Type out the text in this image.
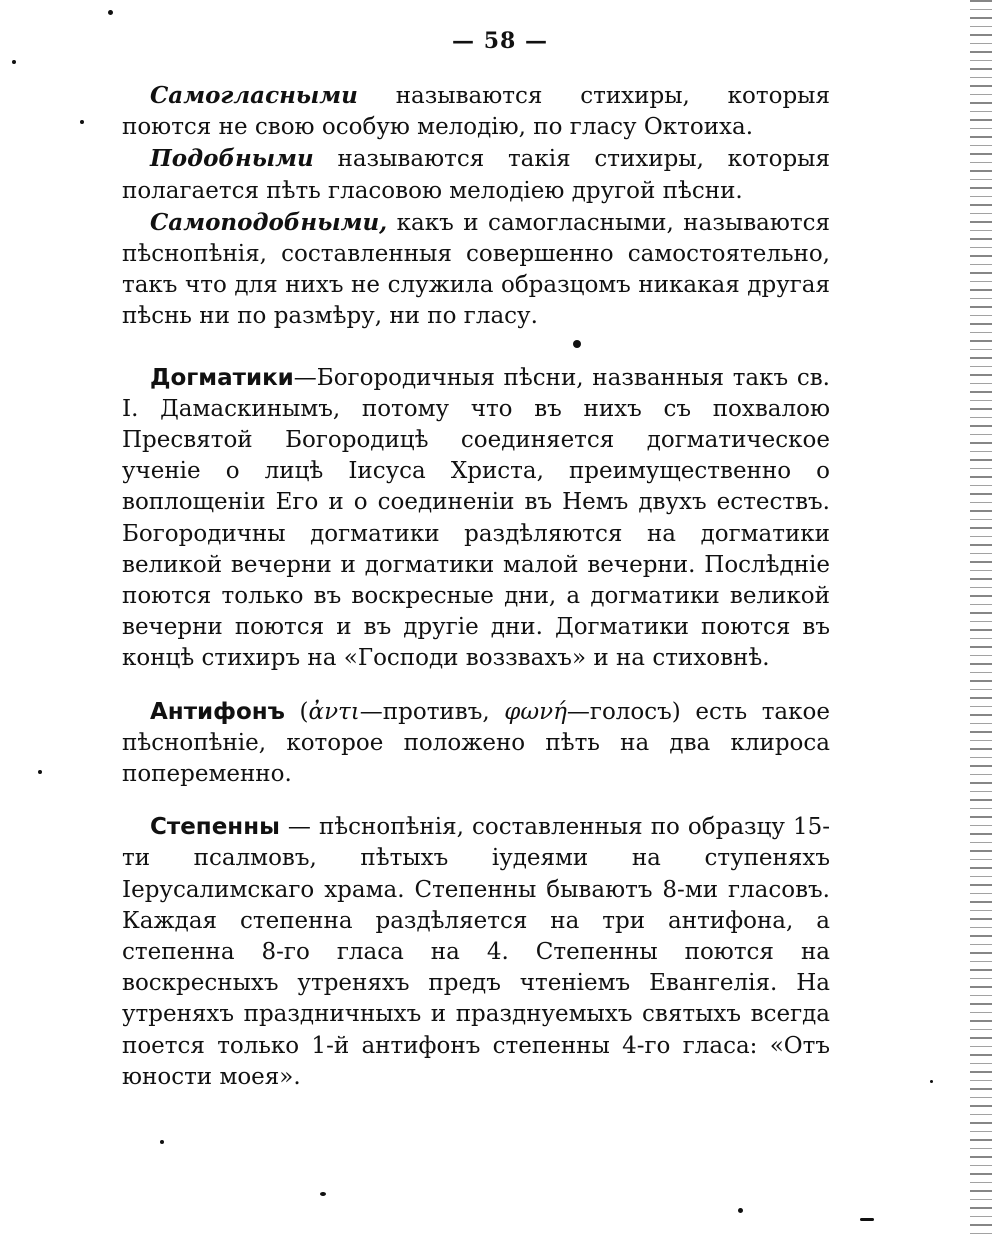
— 58 —

Самогласными называются стихиры, которыя поются не свою особую мелодію, по гласу Октоиха.

Подобными называются такія стихиры, которыя полагается пѣть гласовою мелодіею другой пѣсни.

Самоподобными, какъ и самогласными, называются пѣснопѣнія, составленныя совершенно самостоятельно, такъ что для нихъ не служила образцомъ никакая другая пѣснь ни по размѣру, ни по гласу.

Догматики—Богородичныя пѣсни, названныя такъ св. І. Дамаскинымъ, потому что въ нихъ съ похвалою Пресвятой Богородицѣ соединяется догматическое ученіе о лицѣ Іисуса Христа, преимущественно о воплощеніи Его и о соединеніи въ Немъ двухъ естествъ. Богородичны догматики раздѣляются на догматики великой вечерни и догматики малой вечерни. Послѣдніе поются только въ воскресные дни, а догматики великой вечерни поются и въ другіе дни. Догматики поются въ концѣ стихиръ на «Господи воззвахъ» и на стиховнѣ.

Антифонъ (ἀντι—противъ, φωνή—голосъ) есть такое пѣснопѣніе, которое положено пѣть на два клироса попеременно.

Степенны — пѣснопѣнія, составленныя по образцу 15-ти псалмовъ, пѣтыхъ іудеями на ступеняхъ Іерусалимскаго храма. Степенны бываютъ 8-ми гласовъ. Каждая степенна раздѣляется на три антифона, а степенна 8-го гласа на 4. Степенны поются на воскресныхъ утреняхъ предъ чтеніемъ Евангелія. На утреняхъ праздничныхъ и празднуемыхъ святыхъ всегда поется только 1-й антифонъ степенны 4-го гласа: «Отъ юности моея».
